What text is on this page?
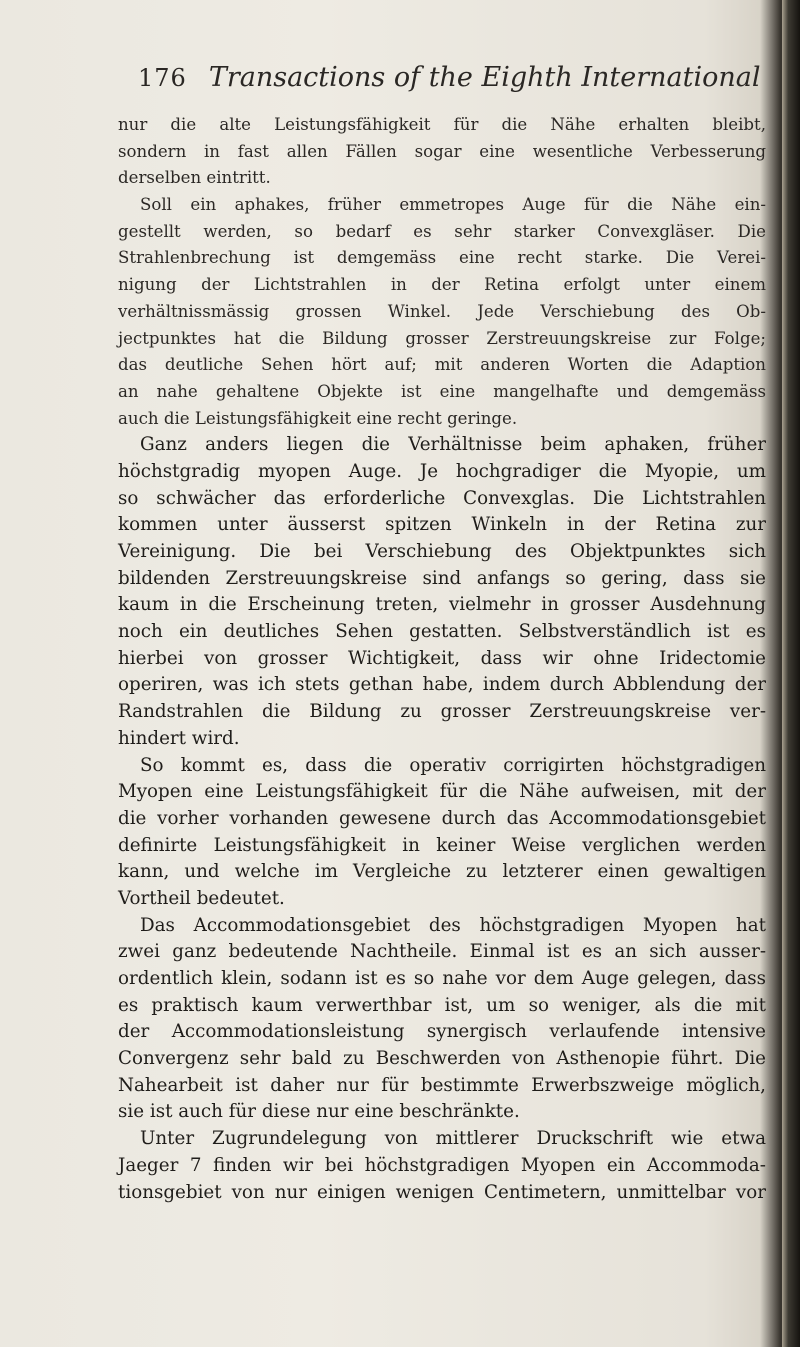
176 Transactions of the Eighth International
nur die alte Leistungsfähigkeit für die Nähe erhalten bleibt,
sondern in fast allen Fällen sogar eine wesentliche Verbesserung
derselben eintritt.
Soll ein aphakes, früher emmetropes Auge für die Nähe ein-
gestellt werden, so bedarf es sehr starker Convexgläser. Die
Strahlenbrechung ist demgemäss eine recht starke. Die Verei-
nigung der Lichtstrahlen in der Retina erfolgt unter einem
verhältnissmässig grossen Winkel. Jede Verschiebung des Ob-
jectpunktes hat die Bildung grosser Zerstreuungskreise zur Folge;
das deutliche Sehen hört auf; mit anderen Worten die Adaption
an nahe gehaltene Objekte ist eine mangelhafte und demgemäss
auch die Leistungsfähigkeit eine recht geringe.
Ganz anders liegen die Verhältnisse beim aphaken, früher
höchstgradig myopen Auge. Je hochgradiger die Myopie, um
so schwächer das erforderliche Convexglas. Die Lichtstrahlen
kommen unter äusserst spitzen Winkeln in der Retina zur
Vereinigung. Die bei Verschiebung des Objektpunktes sich
bildenden Zerstreuungskreise sind anfangs so gering, dass sie
kaum in die Erscheinung treten, vielmehr in grosser Ausdehnung
noch ein deutliches Sehen gestatten. Selbstverständlich ist es
hierbei von grosser Wichtigkeit, dass wir ohne Iridectomie
operiren, was ich stets gethan habe, indem durch Abblendung der
Randstrahlen die Bildung zu grosser Zerstreuungskreise ver-
hindert wird.
So kommt es, dass die operativ corrigirten höchstgradigen
Myopen eine Leistungsfähigkeit für die Nähe aufweisen, mit der
die vorher vorhanden gewesene durch das Accommodationsgebiet
definirte Leistungsfähigkeit in keiner Weise verglichen werden
kann, und welche im Vergleiche zu letzterer einen gewaltigen
Vortheil bedeutet.
Das Accommodationsgebiet des höchstgradigen Myopen hat
zwei ganz bedeutende Nachtheile. Einmal ist es an sich ausser-
ordentlich klein, sodann ist es so nahe vor dem Auge gelegen, dass
es praktisch kaum verwerthbar ist, um so weniger, als die mit
der Accommodationsleistung synergisch verlaufende intensive
Convergenz sehr bald zu Beschwerden von Asthenopie führt. Die
Nahearbeit ist daher nur für bestimmte Erwerbszweige möglich,
sie ist auch für diese nur eine beschränkte.
Unter Zugrundelegung von mittlerer Druckschrift wie etwa
Jaeger 7 finden wir bei höchstgradigen Myopen ein Accommoda-
tionsgebiet von nur einigen wenigen Centimetern, unmittelbar vor
